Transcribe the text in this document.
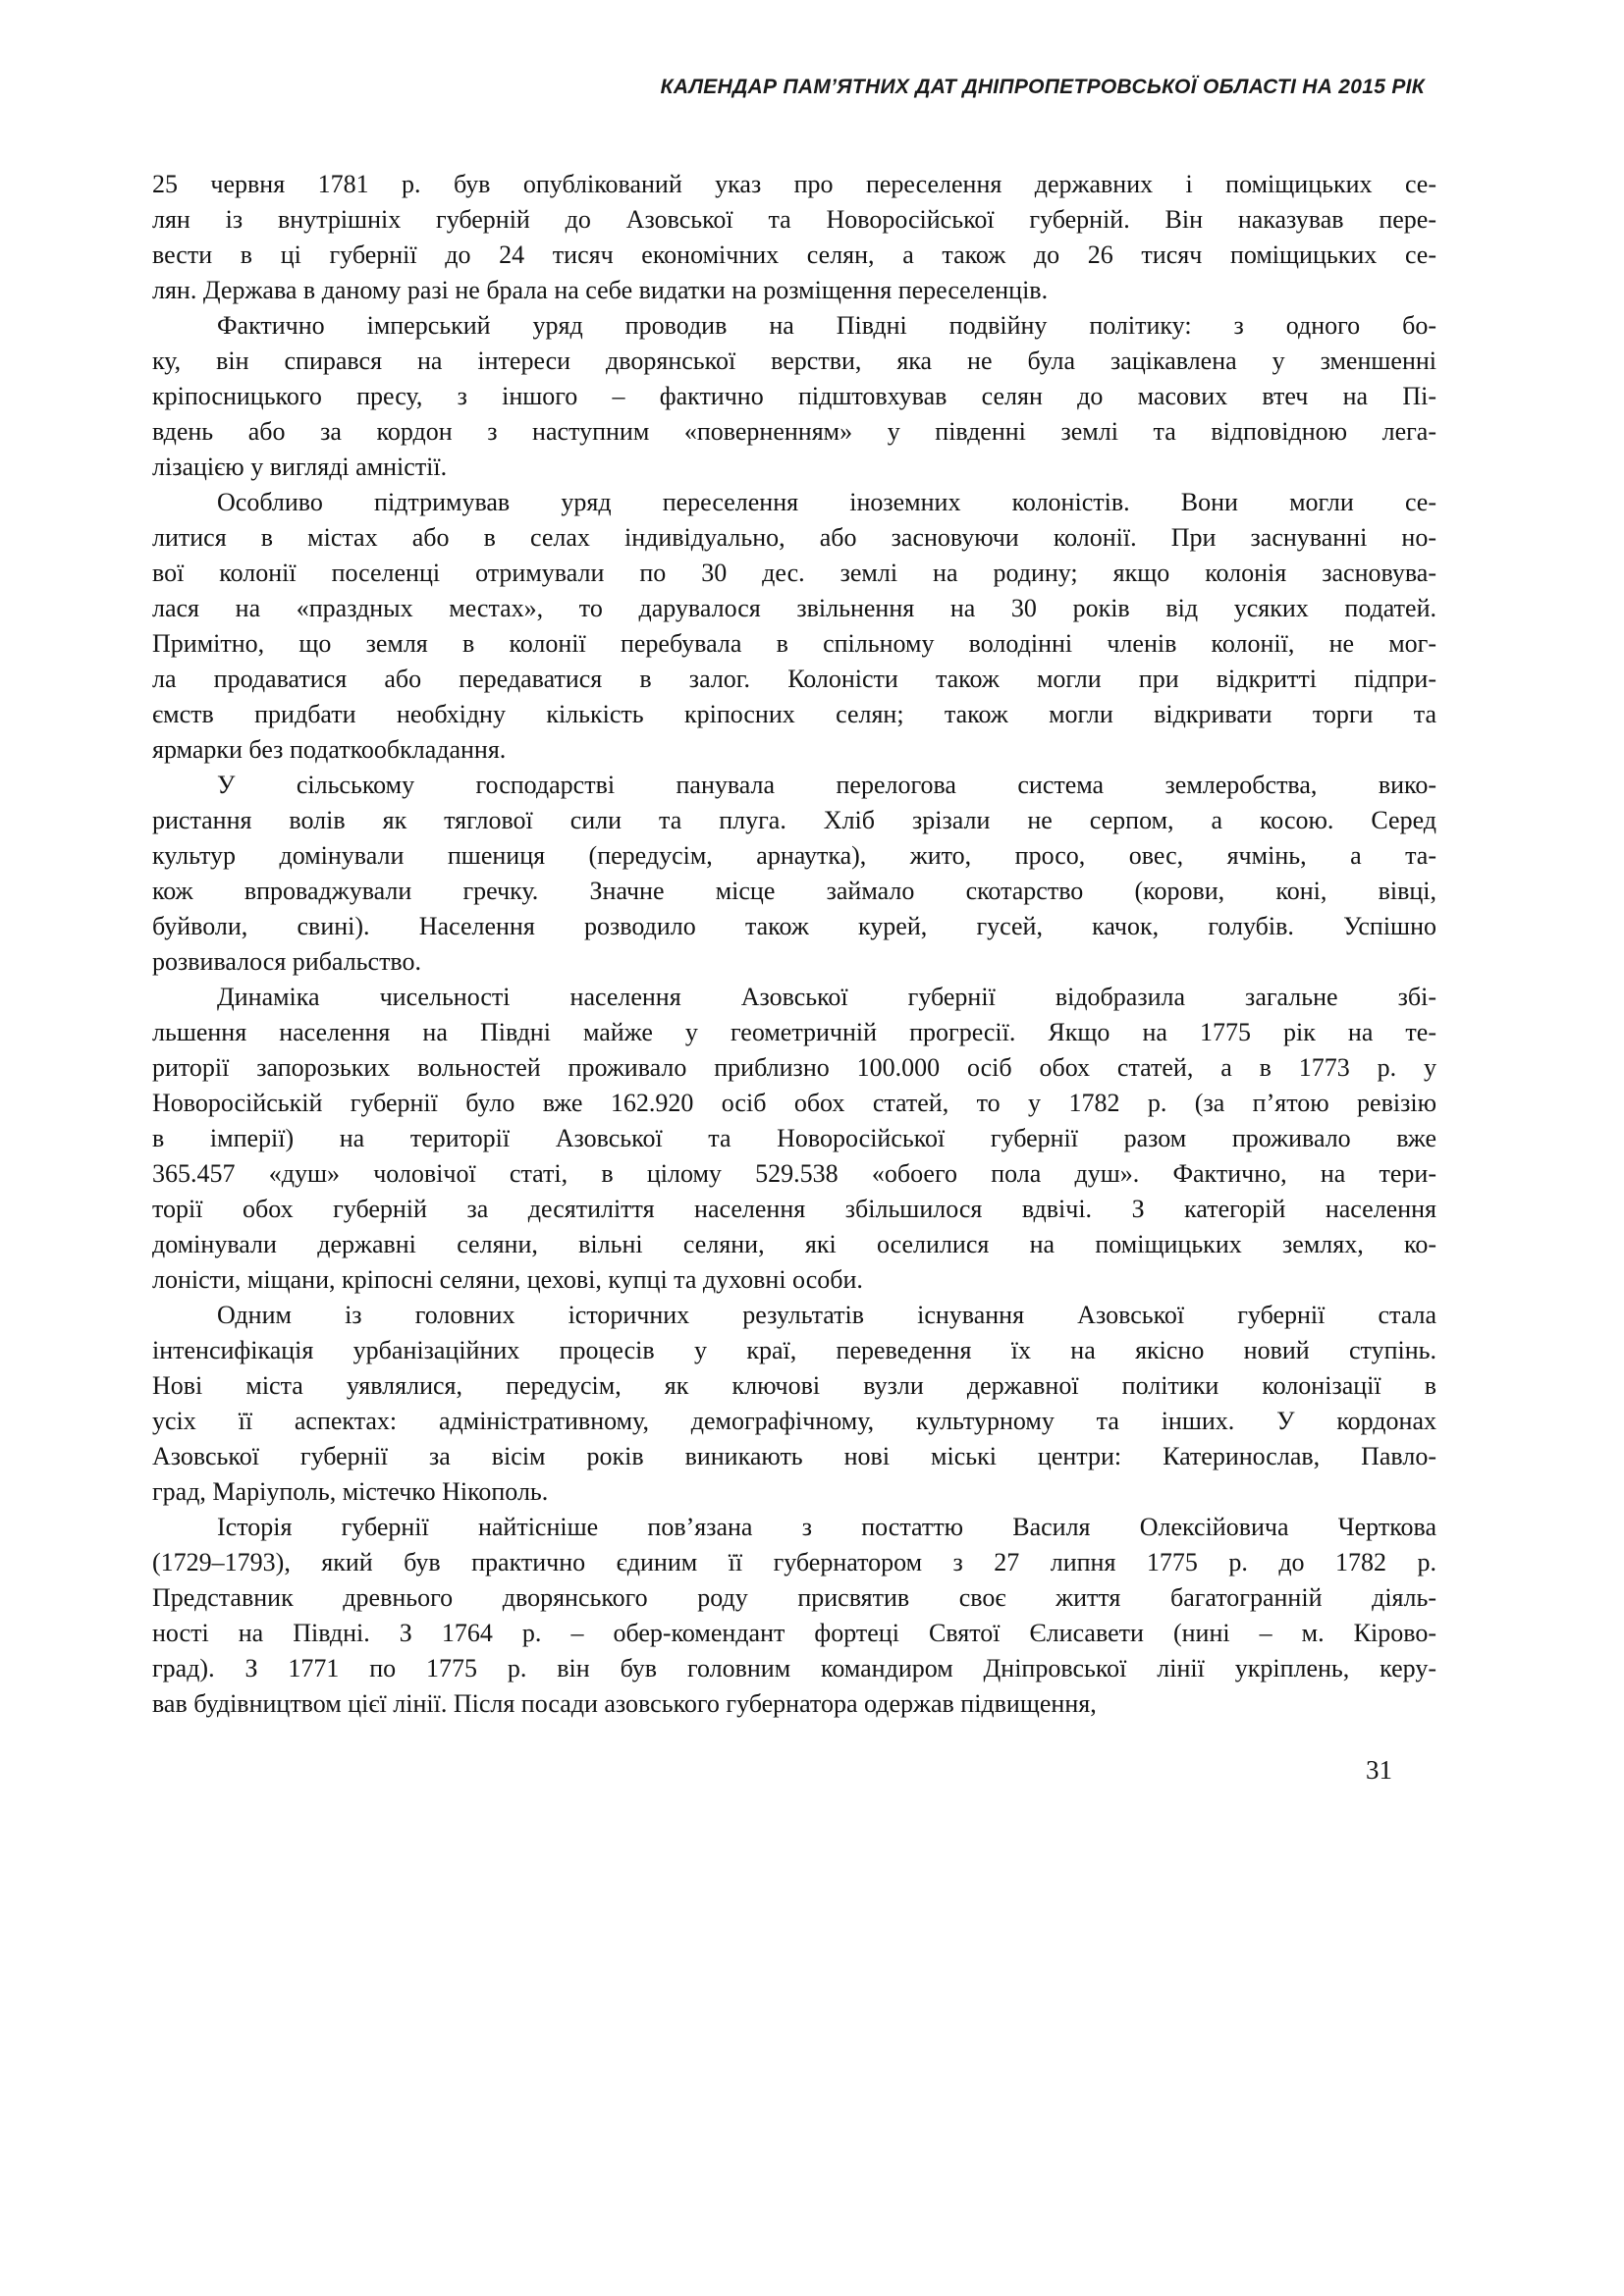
КАЛЕНДАР ПАМ’ЯТНИХ ДАТ ДНІПРОПЕТРОВСЬКОЇ ОБЛАСТІ НА 2015 РІК
25 червня 1781 р. був опублікований указ про переселення державних і поміщицьких се-
лян із внутрішніх губерній до Азовської та Новоросійської губерній. Він наказував пере-
вести в ці губернії до 24 тисяч економічних селян, а також до 26 тисяч поміщицьких се-
лян. Держава в даному разі не брала на себе видатки на розміщення переселенців.
Фактично імперський уряд проводив на Півдні подвійну політику: з одного бо-
ку, він спирався на інтереси дворянської верстви, яка не була зацікавлена у зменшенні
кріпосницького пресу, з іншого – фактично підштовхував селян до масових втеч на Пі-
вдень або за кордон з наступним «поверненням» у південні землі та відповідною лега-
лізацією у вигляді амністії.
Особливо підтримував уряд переселення іноземних колоністів. Вони могли се-
литися в містах або в селах індивідуально, або засновуючи колонії. При заснуванні но-
вої колонії поселенці отримували по 30 дес. землі на родину; якщо колонія засновува-
лася на «праздных местах», то дарувалося звільнення на 30 років від усяких податей.
Примітно, що земля в колонії перебувала в спільному володінні членів колонії, не мог-
ла продаватися або передаватися в залог. Колоністи також могли при відкритті підпри-
ємств придбати необхідну кількість кріпосних селян; також могли відкривати торги та
ярмарки без податкообкладання.
У сільському господарстві панувала перелогова система землеробства, вико-
ристання волів як тяглової сили та плуга. Хліб зрізали не серпом, а косою. Серед
культур домінували пшениця (передусім, арнаутка), жито, просо, овес, ячмінь, а та-
кож впроваджували гречку. Значне місце займало скотарство (корови, коні, вівці,
буйволи, свині). Населення розводило також курей, гусей, качок, голубів. Успішно
розвивалося рибальство.
Динаміка чисельності населення Азовської губернії відобразила загальне збі-
льшення населення на Півдні майже у геометричній прогресії. Якщо на 1775 рік на те-
риторії запорозьких вольностей проживало приблизно 100.000 осіб обох статей, а в 1773 р. у
Новоросійській губернії було вже 162.920 осіб обох статей, то у 1782 р. (за п’ятою ревізію
в імперії) на території Азовської та Новоросійської губернії разом проживало вже
365.457 «душ» чоловічої статі, в цілому 529.538 «обоего пола душ». Фактично, на тери-
торії обох губерній за десятиліття населення збільшилося вдвічі. З категорій населення
домінували державні селяни, вільні селяни, які оселилися на поміщицьких землях, ко-
лоністи, міщани, кріпосні селяни, цехові, купці та духовні особи.
Одним із головних історичних результатів існування Азовської губернії стала
інтенсифікація урбанізаційних процесів у краї, переведення їх на якісно новий ступінь.
Нові міста уявлялися, передусім, як ключові вузли державної політики колонізації в
усіх її аспектах: адміністративному, демографічному, культурному та інших. У кордонах
Азовської губернії за вісім років виникають нові міські центри: Катеринослав, Павло-
град, Маріуполь, містечко Нікополь.
Історія губернії найтісніше пов’язана з постаттю Василя Олексійовича Черткова
(1729–1793), який був практично єдиним її губернатором з 27 липня 1775 р. до 1782 р.
Представник древнього дворянського роду присвятив своє життя багатогранній діяль-
ності на Півдні. З 1764 р. – обер-комендант фортеці Святої Єлисавети (нині – м. Кірово-
град). З 1771 по 1775 р. він був головним командиром Дніпровської лінії укріплень, керу-
вав будівництвом цієї лінії. Після посади азовського губернатора одержав підвищення,
31
